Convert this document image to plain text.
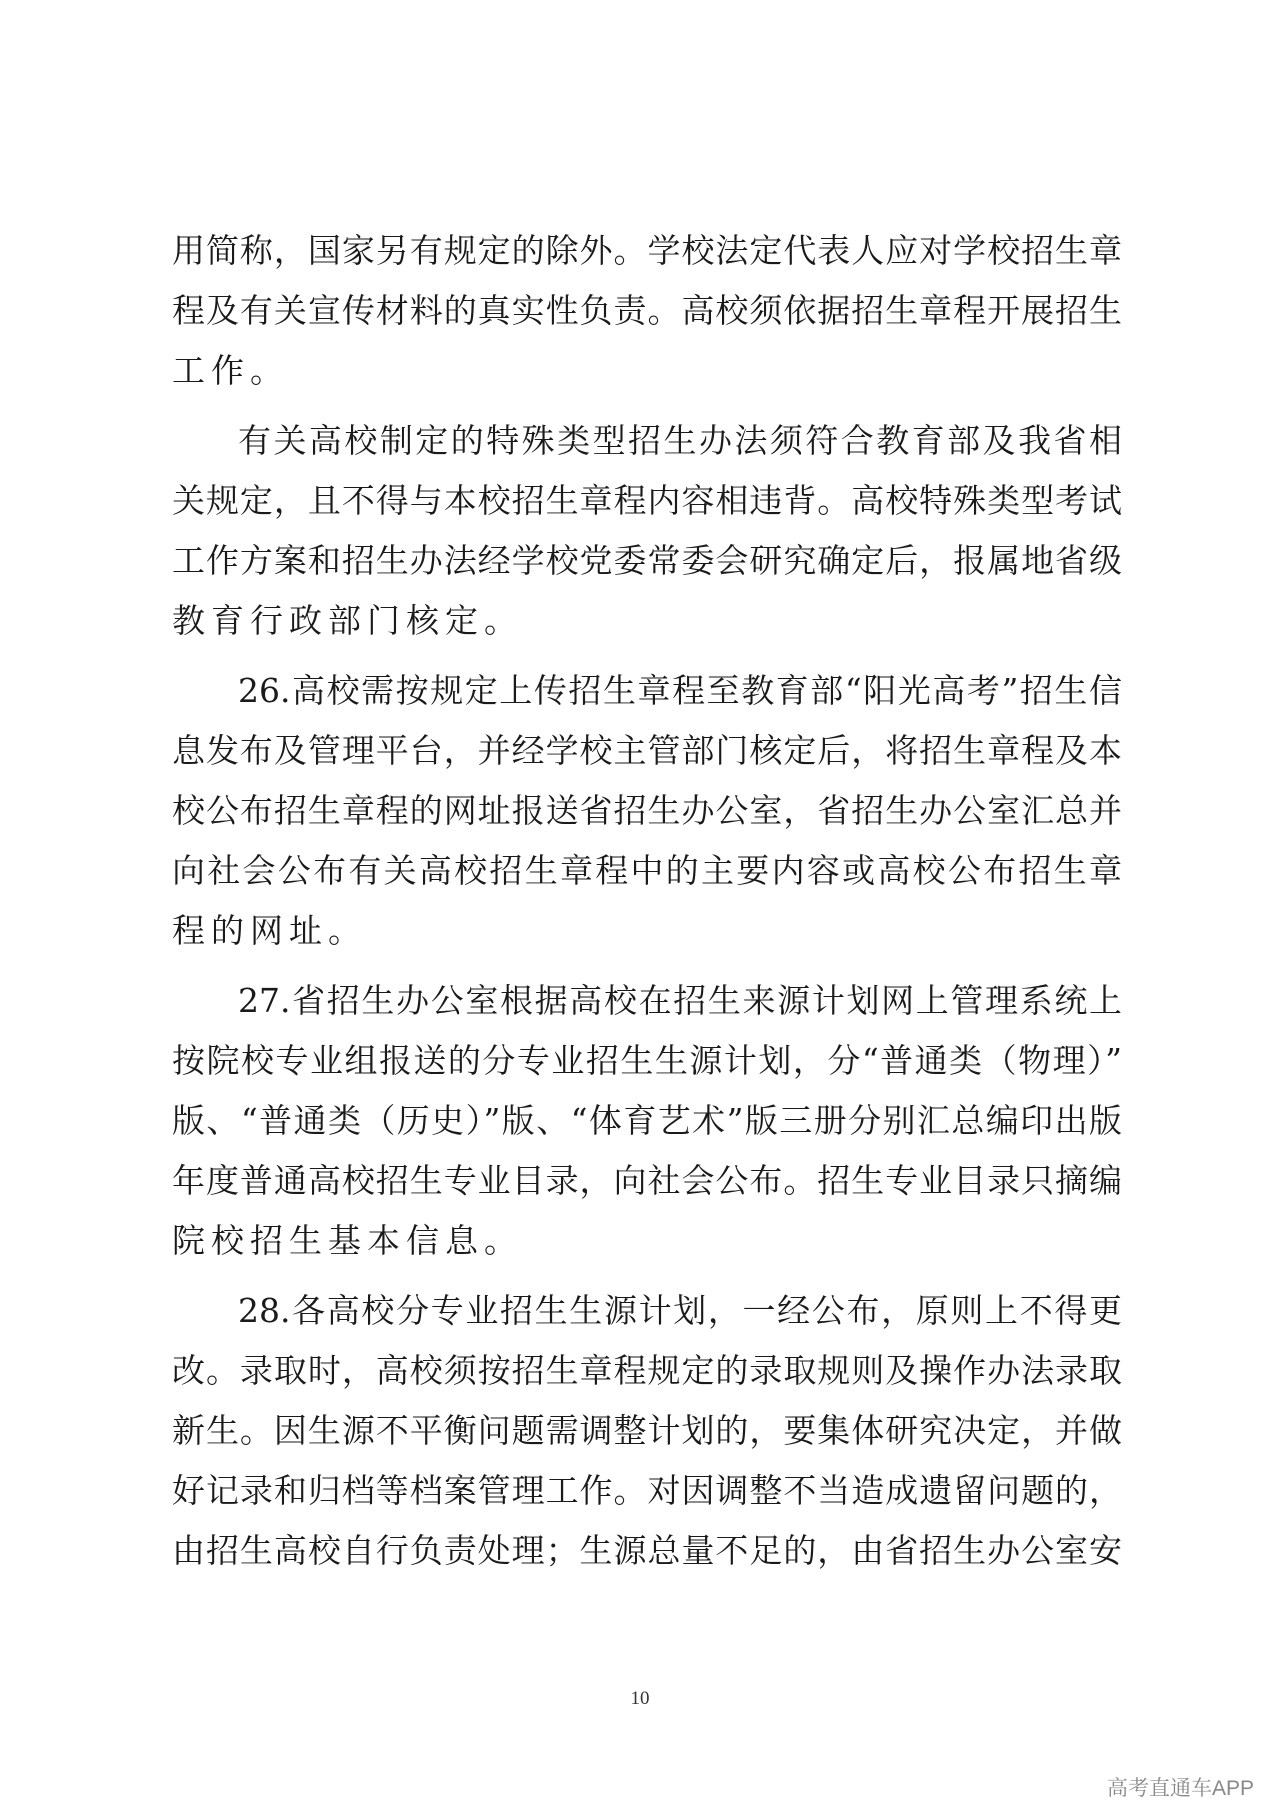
用简称，国家另有规定的除外。学校法定代表人应对学校招生章
程及有关宣传材料的真实性负责。高校须依据招生章程开展招生
工作。
有关高校制定的特殊类型招生办法须符合教育部及我省相
关规定，且不得与本校招生章程内容相违背。高校特殊类型考试
工作方案和招生办法经学校党委常委会研究确定后，报属地省级
教育行政部门核定。
26.高校需按规定上传招生章程至教育部“阳光高考”招生信
息发布及管理平台，并经学校主管部门核定后，将招生章程及本
校公布招生章程的网址报送省招生办公室，省招生办公室汇总并
向社会公布有关高校招生章程中的主要内容或高校公布招生章
程的网址。
27.省招生办公室根据高校在招生来源计划网上管理系统上
按院校专业组报送的分专业招生生源计划，分“普通类（物理）”
版、“普通类（历史）”版、“体育艺术”版三册分别汇总编印出版
年度普通高校招生专业目录，向社会公布。招生专业目录只摘编
院校招生基本信息。
28.各高校分专业招生生源计划，一经公布，原则上不得更
改。录取时，高校须按招生章程规定的录取规则及操作办法录取
新生。因生源不平衡问题需调整计划的，要集体研究决定，并做
好记录和归档等档案管理工作。对因调整不当造成遗留问题的，
由招生高校自行负责处理；生源总量不足的，由省招生办公室安
10
高考直通车APP
